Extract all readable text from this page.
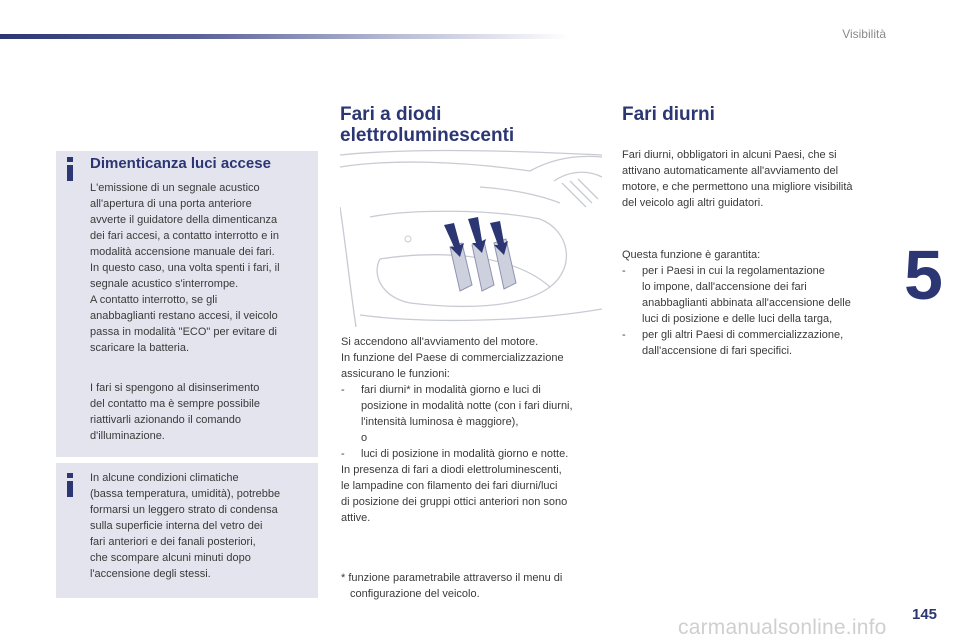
Visibilità
5
145
carmanualsonline.info
Dimenticanza luci accese
L'emissione di un segnale acustico
all'apertura di una porta anteriore
avverte il guidatore della dimenticanza
dei fari accesi, a contatto interrotto e in
modalità accensione manuale dei fari.
In questo caso, una volta spenti i fari, il
segnale acustico s'interrompe.
A contatto interrotto, se gli
anabbaglianti restano accesi, il veicolo
passa in modalità "ECO" per evitare di
scaricare la batteria.
I fari si spengono al disinserimento
del contatto ma è sempre possibile
riattivarli azionando il comando
d'illuminazione.
In alcune condizioni climatiche
(bassa temperatura, umidità), potrebbe
formarsi un leggero strato di condensa
sulla superficie interna del vetro dei
fari anteriori e dei fanali posteriori,
che scompare alcuni minuti dopo
l'accensione degli stessi.
Fari a diodi
elettroluminescenti
Si accendono all'avviamento del motore.
In funzione del Paese di commercializzazione
assicurano le funzioni:
- fari diurni* in modalità giorno e luci di
posizione in modalità notte (con i fari diurni,
l'intensità luminosa è maggiore),
o
- luci di posizione in modalità giorno e notte.
In presenza di fari a diodi elettroluminescenti,
le lampadine con filamento dei fari diurni/luci
di posizione dei gruppi ottici anteriori non sono
attive.
* funzione parametrabile attraverso il menu di
configurazione del veicolo.
Fari diurni
Fari diurni, obbligatori in alcuni Paesi, che si
attivano automaticamente all'avviamento del
motore, e che permettono una migliore visibilità
del veicolo agli altri guidatori.
Questa funzione è garantita:
- per i Paesi in cui la regolamentazione
lo impone, dall'accensione dei fari
anabbaglianti abbinata all'accensione delle
luci di posizione e delle luci della targa,
- per gli altri Paesi di commercializzazione,
dall'accensione di fari specifici.
